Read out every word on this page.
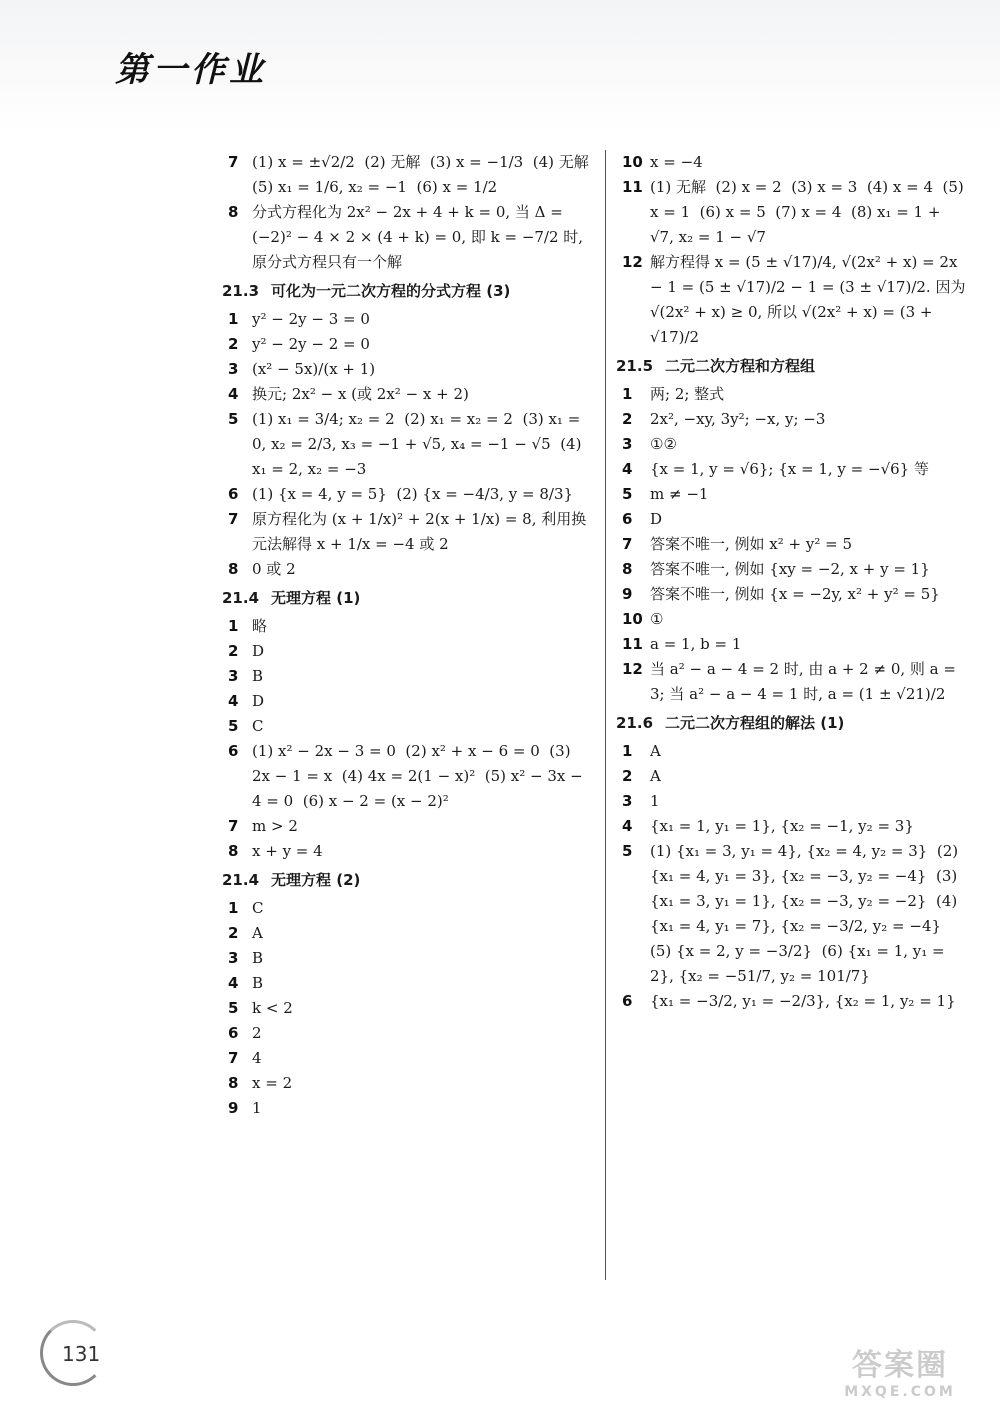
第一作业
7 (1) x = ±√2/2  (2) 无解  (3) x = −1/3  (4) 无解
(5) x₁ = 1/6, x₂ = −1  (6) x = 1/2
8 分式方程化为 2x² − 2x + 4 + k = 0, 当 Δ = (−2)² − 4 × 2 × (4 + k) = 0, 即 k = −7/2 时, 原分式方程只有一个解
21.3 可化为一元二次方程的分式方程 (3)
1 y² − 2y − 3 = 0
2 y² − 2y − 2 = 0
3 (x² − 5x)/(x + 1)
4 换元; 2x² − x (或 2x² − x + 2)
5 (1) x₁ = 3/4; x₂ = 2  (2) x₁ = x₂ = 2  (3) x₁ = 0, x₂ = 2/3, x₃ = −1 + √5, x₄ = −1 − √5  (4) x₁ = 2, x₂ = −3
6 (1) {x = 4, y = 5}  (2) {x = −4/3, y = 8/3}
7 原方程化为 (x + 1/x)² + 2(x + 1/x) = 8, 利用换元法解得 x + 1/x = −4 或 2
8 0 或 2
21.4 无理方程 (1)
1 略
2 D
3 B
4 D
5 C
6 (1) x² − 2x − 3 = 0  (2) x² + x − 6 = 0  (3) 2x − 1 = x  (4) 4x = 2(1 − x)²  (5) x² − 3x − 4 = 0  (6) x − 2 = (x − 2)²
7 m > 2
8 x + y = 4
21.4 无理方程 (2)
1 C
2 A
3 B
4 B
5 k < 2
6 2
7 4
8 x = 2
9 1
10 x = −4
11 (1) 无解  (2) x = 2  (3) x = 3  (4) x = 4  (5) x = 1  (6) x = 5  (7) x = 4  (8) x₁ = 1 + √7, x₂ = 1 − √7
12 解方程得 x = (5 ± √17)/4, √(2x² + x) = 2x − 1 = (5 ± √17)/2 − 1 = (3 ± √17)/2. 因为 √(2x² + x) ≥ 0, 所以 √(2x² + x) = (3 + √17)/2
21.5 二元二次方程和方程组
1	两; 2; 整式
2	2x², −xy, 3y²; −x, y; −3
3	①②
4	{x = 1, y = √6}; {x = 1, y = −√6} 等
5	m ≠ −1
6	D
7	答案不唯一, 例如 x² + y² = 5
8	答案不唯一, 例如 {xy = −2, x + y = 1}
9	答案不唯一, 例如 {x = −2y, x² + y² = 5}
10 ①
11 a = 1, b = 1
12 当 a² − a − 4 = 2 时, 由 a + 2 ≠ 0, 则 a = 3; 当 a² − a − 4 = 1 时, a = (1 ± √21)/2
21.6 二元二次方程组的解法 (1)
1	A
2	A
3	1
4	{x₁ = 1, y₁ = 1}, {x₂ = −1, y₂ = 3}
5	(1) {x₁ = 3, y₁ = 4}, {x₂ = 4, y₂ = 3}  (2) {x₁ = 4, y₁ = 3}, {x₂ = −3, y₂ = −4}  (3) {x₁ = 3, y₁ = 1}, {x₂ = −3, y₂ = −2}  (4) {x₁ = 4, y₁ = 7}, {x₂ = −3/2, y₂ = −4}  (5) {x = 2, y = −3/2}  (6) {x₁ = 1, y₁ = 2}, {x₂ = −51/7, y₂ = 101/7}
6	{x₁ = −3/2, y₁ = −2/3}, {x₂ = 1, y₂ = 1}
131	答案圈
MXQE.COM
